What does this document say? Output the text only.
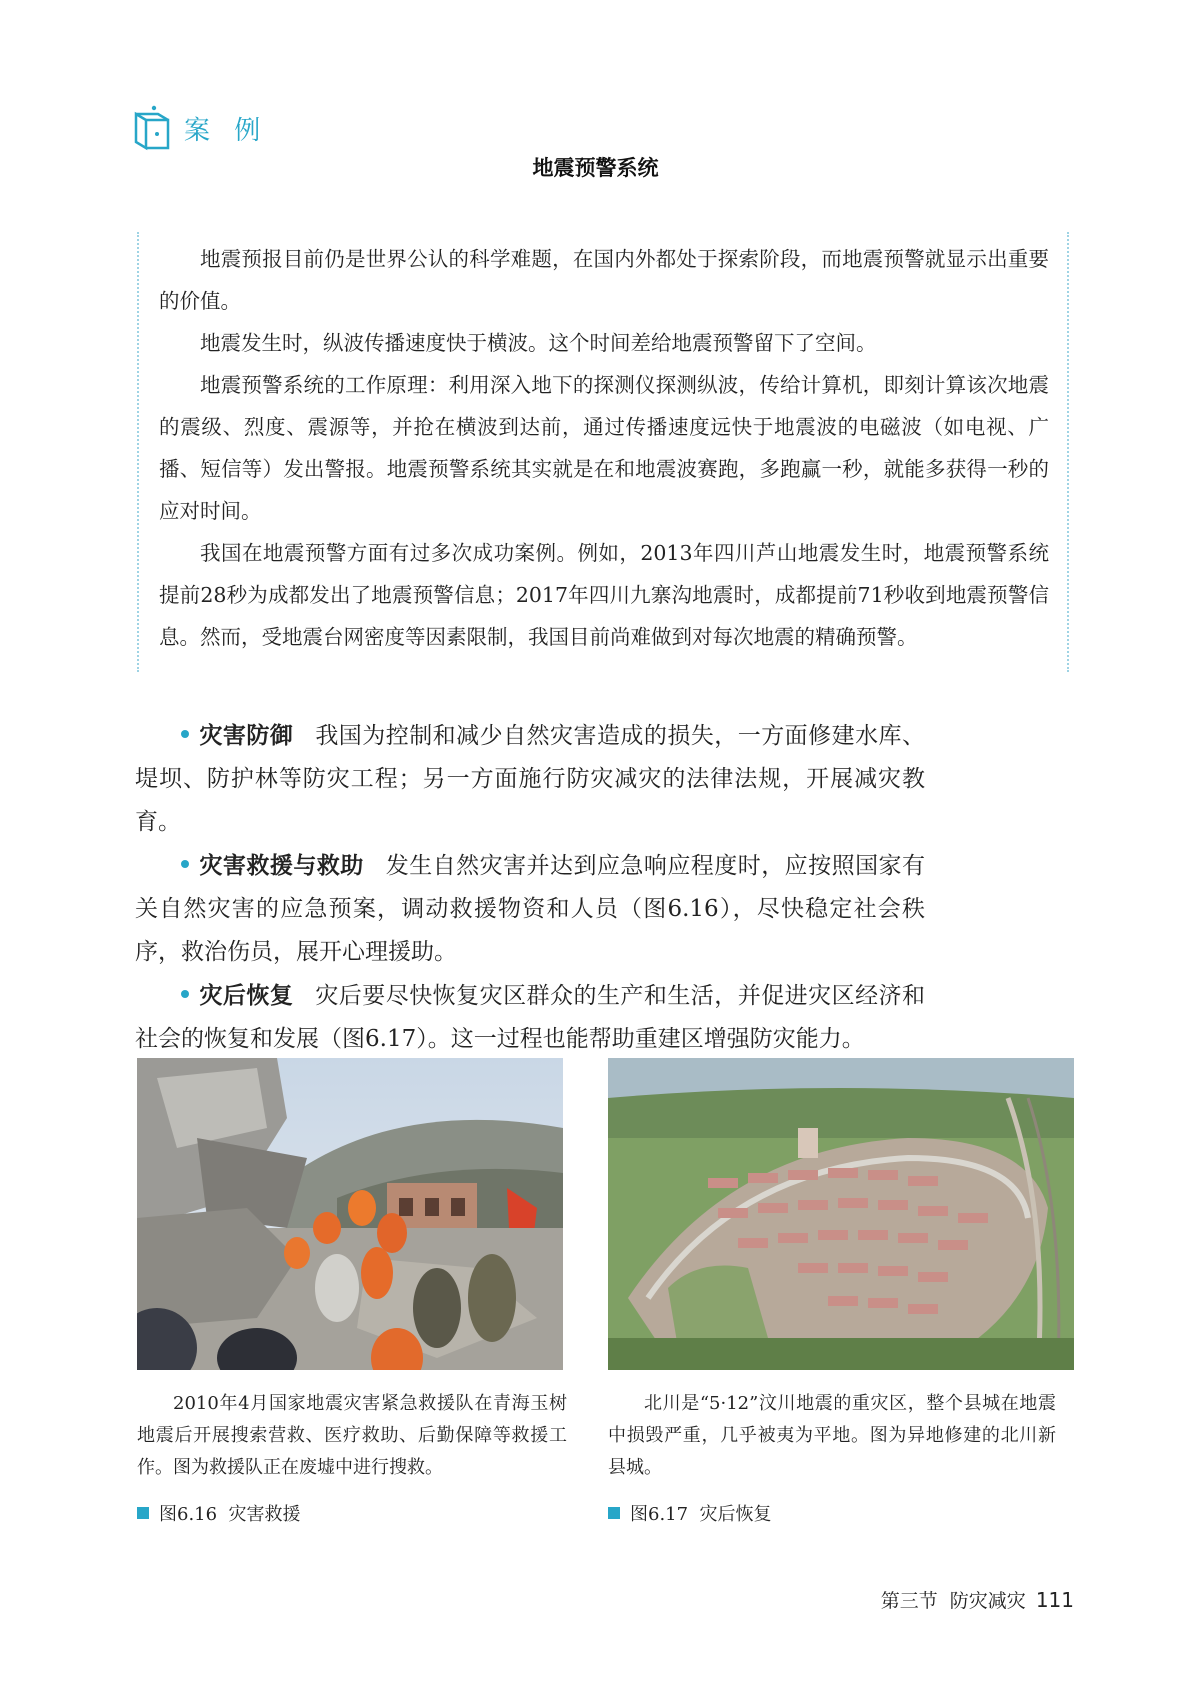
案 例
地震预警系统

地震预报目前仍是世界公认的科学难题，在国内外都处于探索阶段，而地震预警就显示出重要的价值。

地震发生时，纵波传播速度快于横波。这个时间差给地震预警留下了空间。

地震预警系统的工作原理：利用深入地下的探测仪探测纵波，传给计算机，即刻计算该次地震的震级、烈度、震源等，并抢在横波到达前，通过传播速度远快于地震波的电磁波（如电视、广播、短信等）发出警报。地震预警系统其实就是在和地震波赛跑，多跑赢一秒，就能多获得一秒的应对时间。

我国在地震预警方面有过多次成功案例。例如，2013年四川芦山地震发生时，地震预警系统提前28秒为成都发出了地震预警信息；2017年四川九寨沟地震时，成都提前71秒收到地震预警信息。然而，受地震台网密度等因素限制，我国目前尚难做到对每次地震的精确预警。

灾害防御 我国为控制和减少自然灾害造成的损失，一方面修建水库、堤坝、防护林等防灾工程；另一方面施行防灾减灾的法律法规，开展减灾教育。

灾害救援与救助 发生自然灾害并达到应急响应程度时，应按照国家有关自然灾害的应急预案，调动救援物资和人员（图6.16），尽快稳定社会秩序，救治伤员，展开心理援助。

灾后恢复 灾后要尽快恢复灾区群众的生产和生活，并促进灾区经济和社会的恢复和发展（图6.17）。这一过程也能帮助重建区增强防灾能力。

2010年4月国家地震灾害紧急救援队在青海玉树地震后开展搜索营救、医疗救助、后勤保障等救援工作。图为救援队正在废墟中进行搜救。

北川是“5·12”汶川地震的重灾区，整个县城在地震中损毁严重，几乎被夷为平地。图为异地修建的北川新县城。

图6.16  灾害救援	图6.17  灾后恢复
第三节  防灾减灾 111
